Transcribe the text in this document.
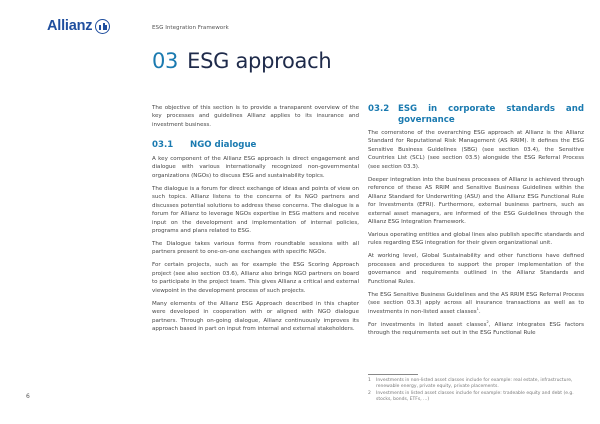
Allianz	ESG Integration Framework
03 ESG approach

The objective of this section is to provide a transparent overview of the key processes and guidelines Allianz applies to its insurance and investment business.

03.1	NGO dialogue

A key component of the Allianz ESG approach is direct engagement and dialogue with various internationally recognized non-governmental organizations (NGOs) to discuss ESG and sustainability topics.

The dialogue is a forum for direct exchange of ideas and points of view on such topics. Allianz listens to the concerns of its NGO partners and discusses potential solutions to address these concerns. The dialogue is a forum for Allianz to leverage NGOs expertise in ESG matters and receive input on the development and implementation of internal policies, programs and plans related to ESG.

The Dialogue takes various forms from roundtable sessions with all partners present to one-on-one exchanges with specific NGOs.

For certain projects, such as for example the ESG Scoring Approach project (see also section 03.6), Allianz also brings NGO partners on board to participate in the project team. This gives Allianz a critical and external viewpoint in the development process of such projects.

Many elements of the Allianz ESG Approach described in this chapter were developed in cooperation with or aligned with NGO dialogue partners. Through on-going dialogue, Allianz continuously improves its approach based in part on input from internal and external stakeholders.

03.2	ESG in corporate standards and governance

The cornerstone of the overarching ESG approach at Allianz is the Allianz Standard for Reputational Risk Management (AS RRIM). It defines the ESG Sensitive Business Guidelines (SBG) (see section 03.4), the Sensitive Countries List (SCL) (see section 03.5) alongside the ESG Referral Process (see section 03.3).

Deeper integration into the business processes of Allianz is achieved through reference of these AS RRIM and Sensitive Business Guidelines within the Allianz Standard for Underwriting (ASU) and the Allianz ESG Functional Rule for Investments (EFRI). Furthermore, external business partners, such as external asset managers, are informed of the ESG Guidelines through the Allianz ESG Integration Framework.

Various operating entities and global lines also publish specific standards and rules regarding ESG integration for their given organizational unit.

At working level, Global Sustainability and other functions have defined processes and procedures to support the proper implementation of the governance and requirements outlined in the Allianz Standards and Functional Rules.

The ESG Sensitive Business Guidelines and the AS RRIM ESG Referral Process (see section 03.3) apply across all insurance transactions as well as to investments in non-listed asset classes$^1$.

For investments in listed asset classes$^2$, Allianz integrates ESG factors through the requirements set out in the ESG Functional Rule

1	Investments in non-listed asset classes include for example: real estate, infrastructure, renewable energy, private equity, private placements.
2	Investments in listed asset classes include for example: tradeable equity and debt (e.g. stocks, bonds, ETFs, ...)
6
